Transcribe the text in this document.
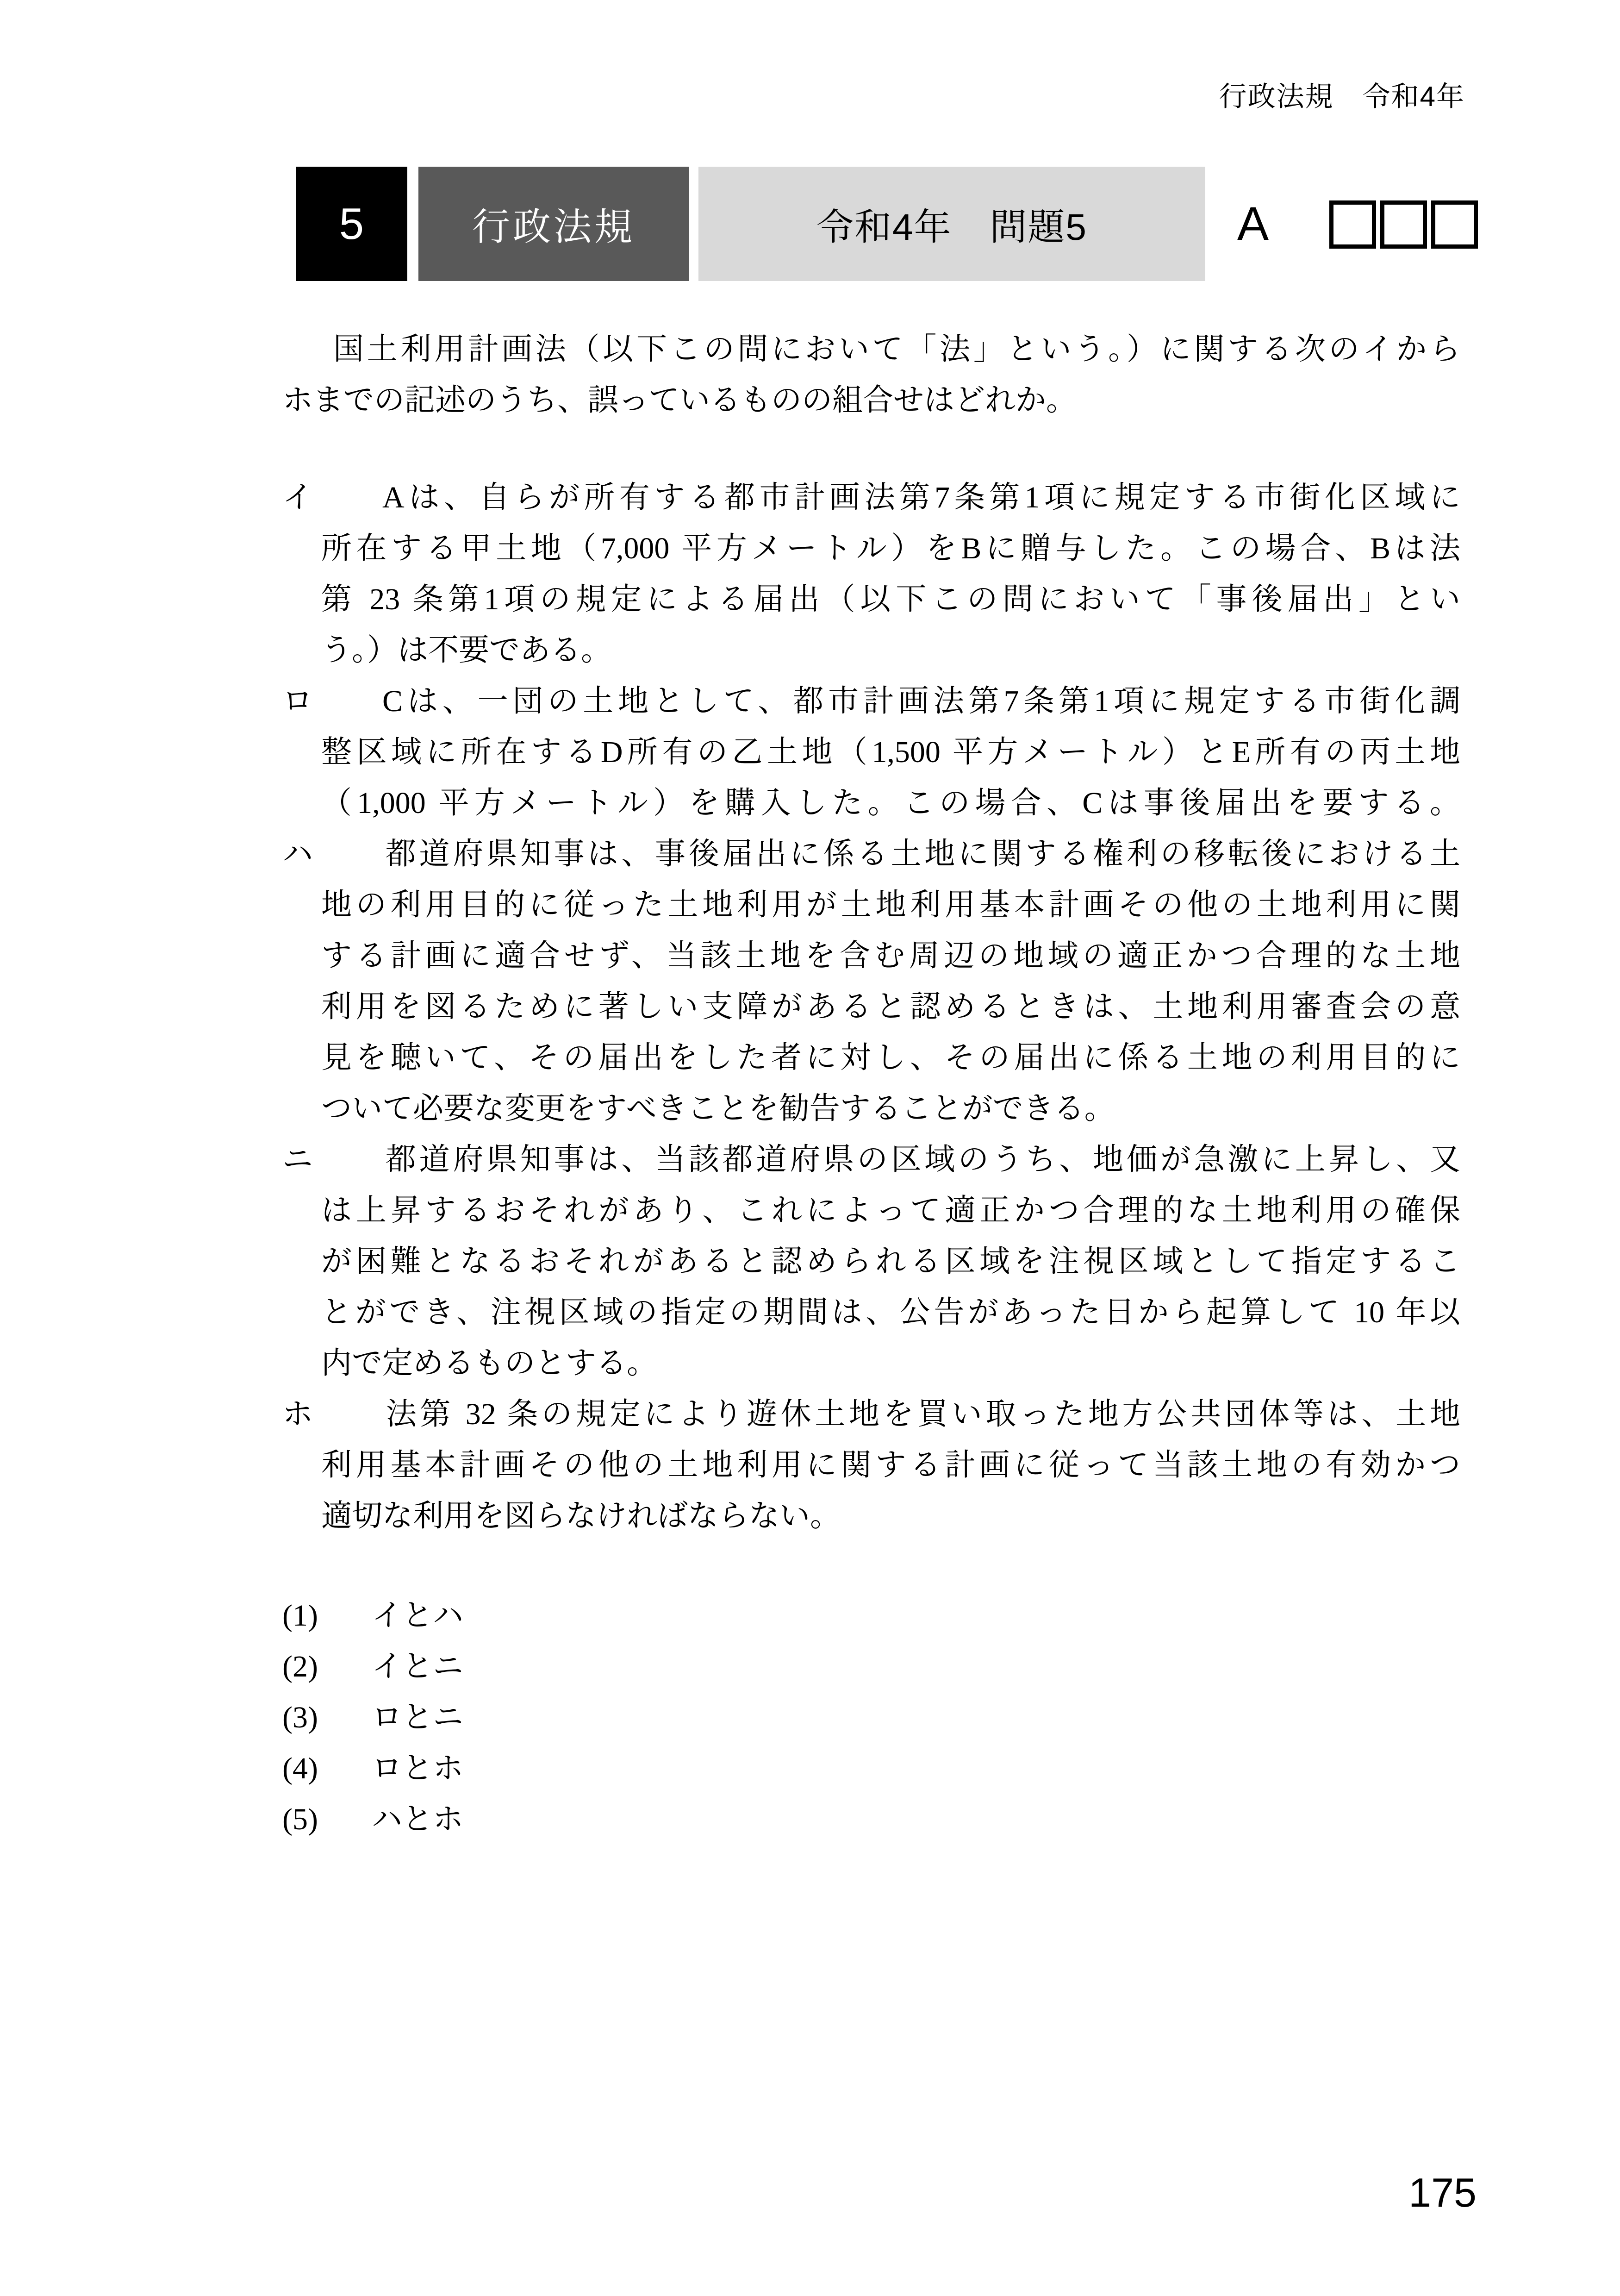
行政法規　令和4年
5	行政法規	令和4年　問題5	A
国土利用計画法（以下この問において「法」という。）に関する次のイから
ホまでの記述のうち、誤っているものの組合せはどれか。
イ Aは、自らが所有する都市計画法第7条第1項に規定する市街化区域に
所在する甲土地（7,000 平方メートル）をBに贈与した。この場合、Bは法
第 23 条第1項の規定による届出（以下この問において「事後届出」とい
う。）は不要である。
ロ Cは、一団の土地として、都市計画法第7条第1項に規定する市街化調
整区域に所在するD所有の乙土地（1,500 平方メートル）とE所有の丙土地
（1,000 平方メートル）を購入した。この場合、Cは事後届出を要する。
ハ 都道府県知事は、事後届出に係る土地に関する権利の移転後における土
地の利用目的に従った土地利用が土地利用基本計画その他の土地利用に関
する計画に適合せず、当該土地を含む周辺の地域の適正かつ合理的な土地
利用を図るために著しい支障があると認めるときは、土地利用審査会の意
見を聴いて、その届出をした者に対し、その届出に係る土地の利用目的に
ついて必要な変更をすべきことを勧告することができる。
ニ 都道府県知事は、当該都道府県の区域のうち、地価が急激に上昇し、又
は上昇するおそれがあり、これによって適正かつ合理的な土地利用の確保
が困難となるおそれがあると認められる区域を注視区域として指定するこ
とができ、注視区域の指定の期間は、公告があった日から起算して 10 年以
内で定めるものとする。
ホ 法第 32 条の規定により遊休土地を買い取った地方公共団体等は、土地
利用基本計画その他の土地利用に関する計画に従って当該土地の有効かつ
適切な利用を図らなければならない。
(1) イとハ
(2) イとニ
(3) ロとニ
(4) ロとホ
(5) ハとホ
175
